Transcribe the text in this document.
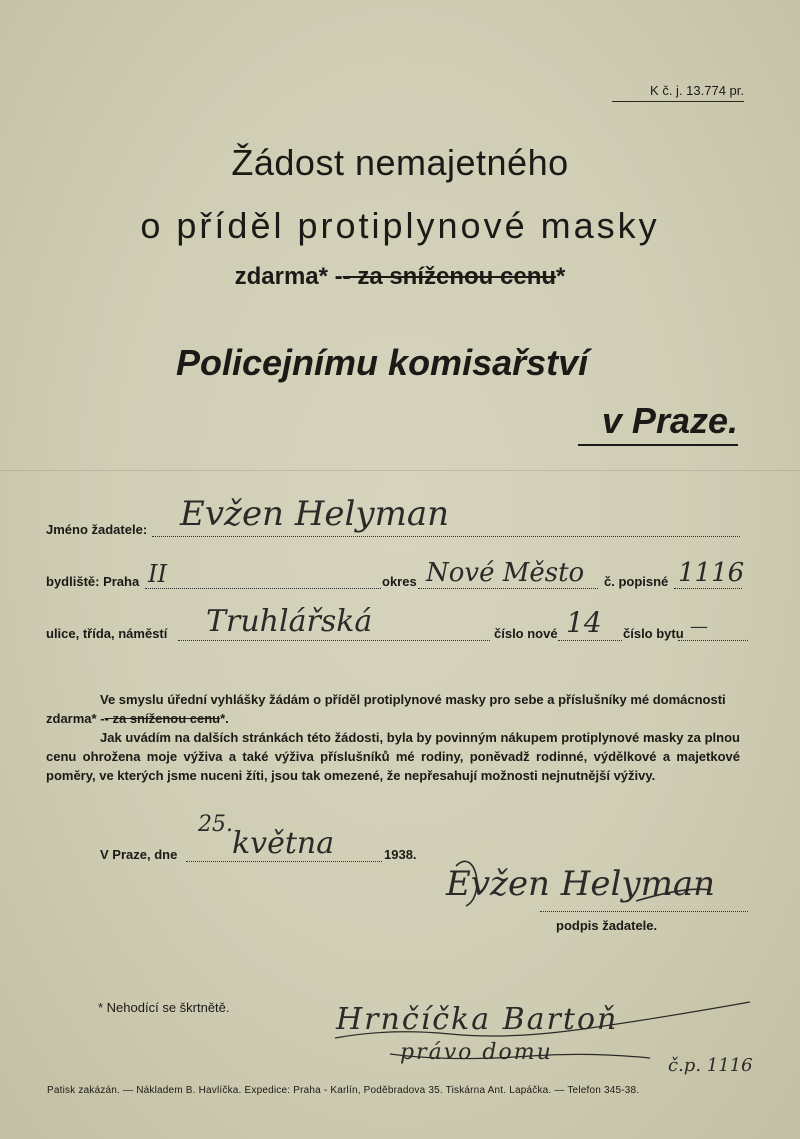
K č. j. 13.774 pr.
Žádost nemajetného
o příděl protiplynové masky
zdarma* -- za sníženou cenu*
Policejnímu komisařství
v Praze.
Jméno žadatele: Evžen Helyman
bydliště: Praha II	okres Nové Město č. popisné 1116
ulice, třída, náměstí Truhlářská	číslo nové 14 číslo bytu —
Ve smyslu úřední vyhlášky žádám o příděl protiplynové masky pro sebe a příslušníky mé domácnosti
zdarma* -- za sníženou cenu*.
Jak uvádím na dalších stránkách této žádosti, byla by povinným nákupem protiplynové masky za plnou cenu ohrožena moje výživa a také výživa příslušníků mé rodiny, poněvadž rodinné, výdělkové a majetkové poměry, ve kterých jsme nuceni žíti, jsou tak omezené, že nepřesahují možnosti nejnutnější výživy.
V Praze, dne
25.
května	1938.
Evžen Helyman
podpis žadatele.
* Nehodící se škrtnětě.	Hrnčíčka Bartoň
právo domu
č.p. 1116
Patisk zakázán. — Nákladem B. Havlíčka. Expedice: Praha - Karlín, Poděbradova 35. Tiskárna Ant. Lapáčka. — Telefon 345-38.
